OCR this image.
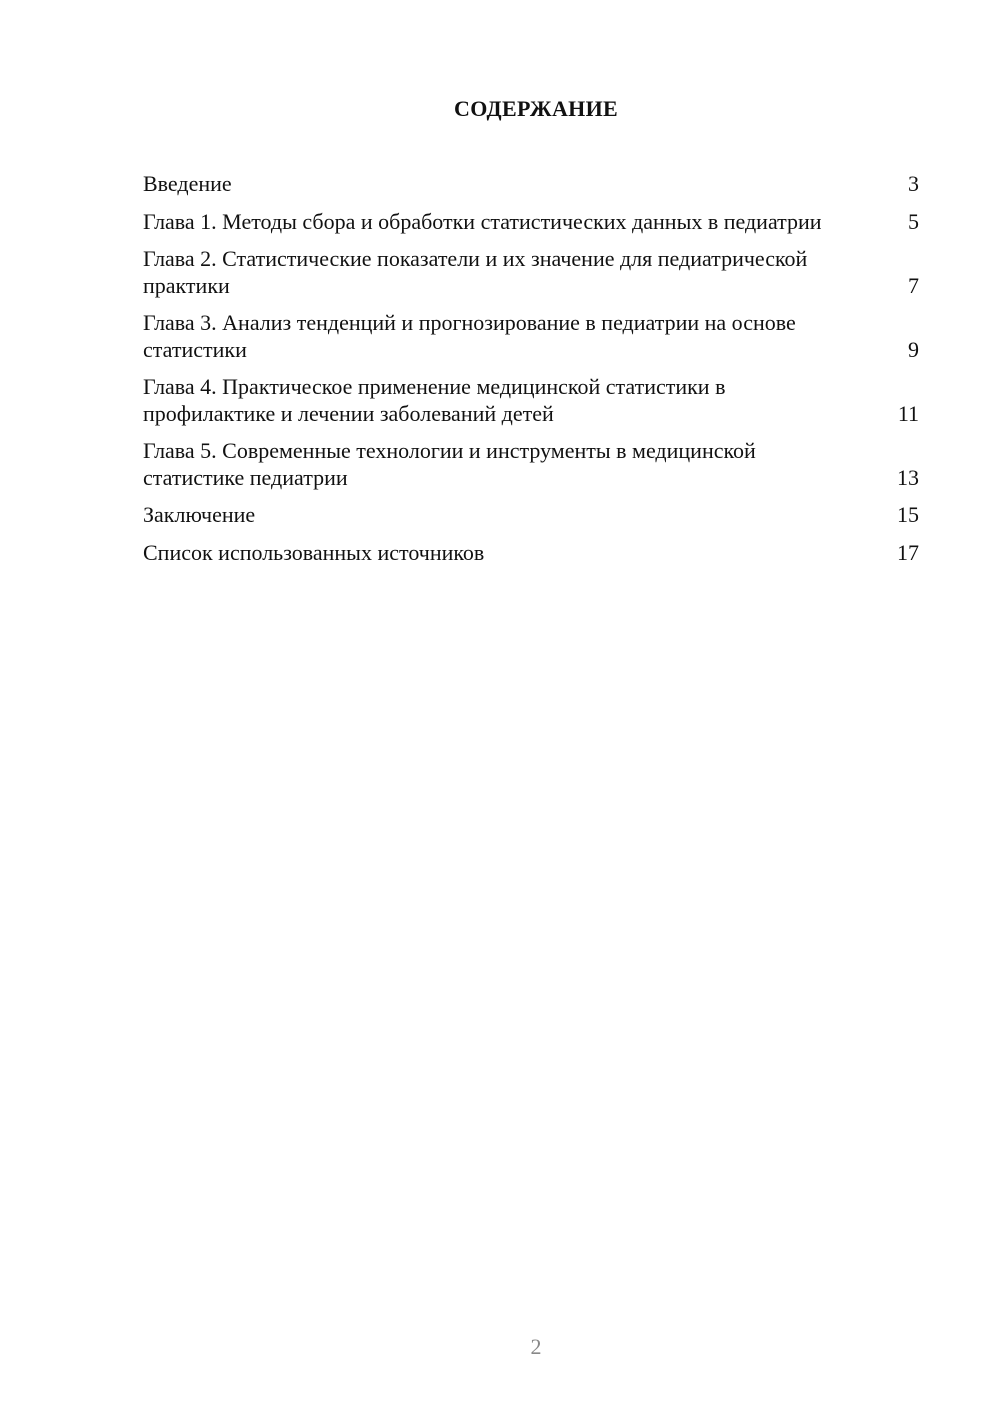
СОДЕРЖАНИЕ
Введение	3
Глава 1. Методы сбора и обработки статистических данных в педиатрии	5
Глава 2. Статистические показатели и их значение для педиатрической практики	7
Глава 3. Анализ тенденций и прогнозирование в педиатрии на основе статистики	9
Глава 4. Практическое применение медицинской статистики в профилактике и лечении заболеваний детей	11
Глава 5. Современные технологии и инструменты в медицинской статистике педиатрии	13
Заключение	15
Список использованных источников	17
2
